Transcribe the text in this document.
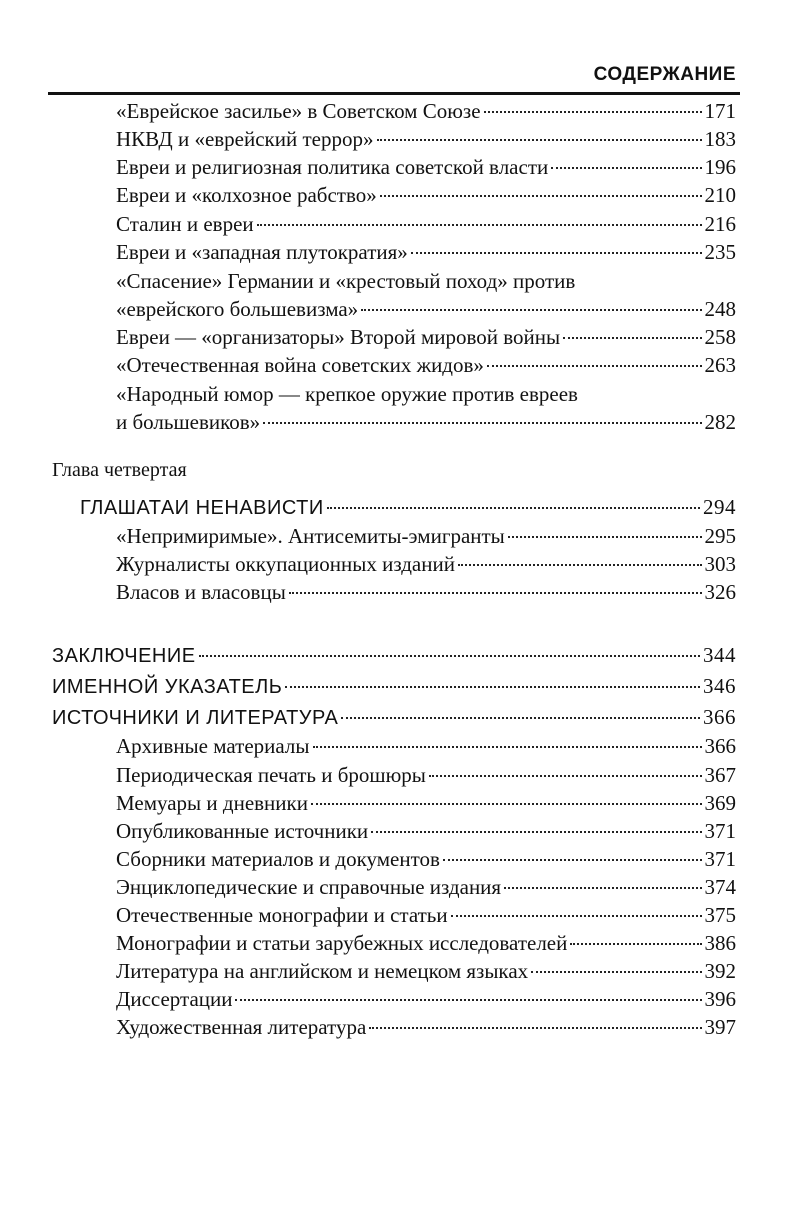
СОДЕРЖАНИЕ
«Еврейское засилье» в Советском Союзе	171
НКВД и «еврейский террор»	183
Евреи и религиозная политика советской власти	196
Евреи и «колхозное рабство»	210
Сталин и евреи	216
Евреи и «западная плутократия»	235
«Спасение» Германии и «крестовый поход» против
«еврейского большевизма»	248
Евреи — «организаторы» Второй мировой войны	258
«Отечественная война советских жидов»	263
«Народный юмор — крепкое оружие против евреев
и большевиков»	282
Глава четвертая
ГЛАШАТАИ НЕНАВИСТИ	294
«Непримиримые». Антисемиты-эмигранты	295
Журналисты оккупационных изданий	303
Власов и власовцы	326
ЗАКЛЮЧЕНИЕ	344
ИМЕННОЙ УКАЗАТЕЛЬ	346
ИСТОЧНИКИ И ЛИТЕРАТУРА	366
Архивные материалы	366
Периодическая печать и брошюры	367
Мемуары и дневники	369
Опубликованные источники	371
Сборники материалов и документов	371
Энциклопедические и справочные издания	374
Отечественные монографии и статьи	375
Монографии и статьи зарубежных исследователей	386
Литература на английском и немецком языках	392
Диссертации	396
Художественная литература	397
